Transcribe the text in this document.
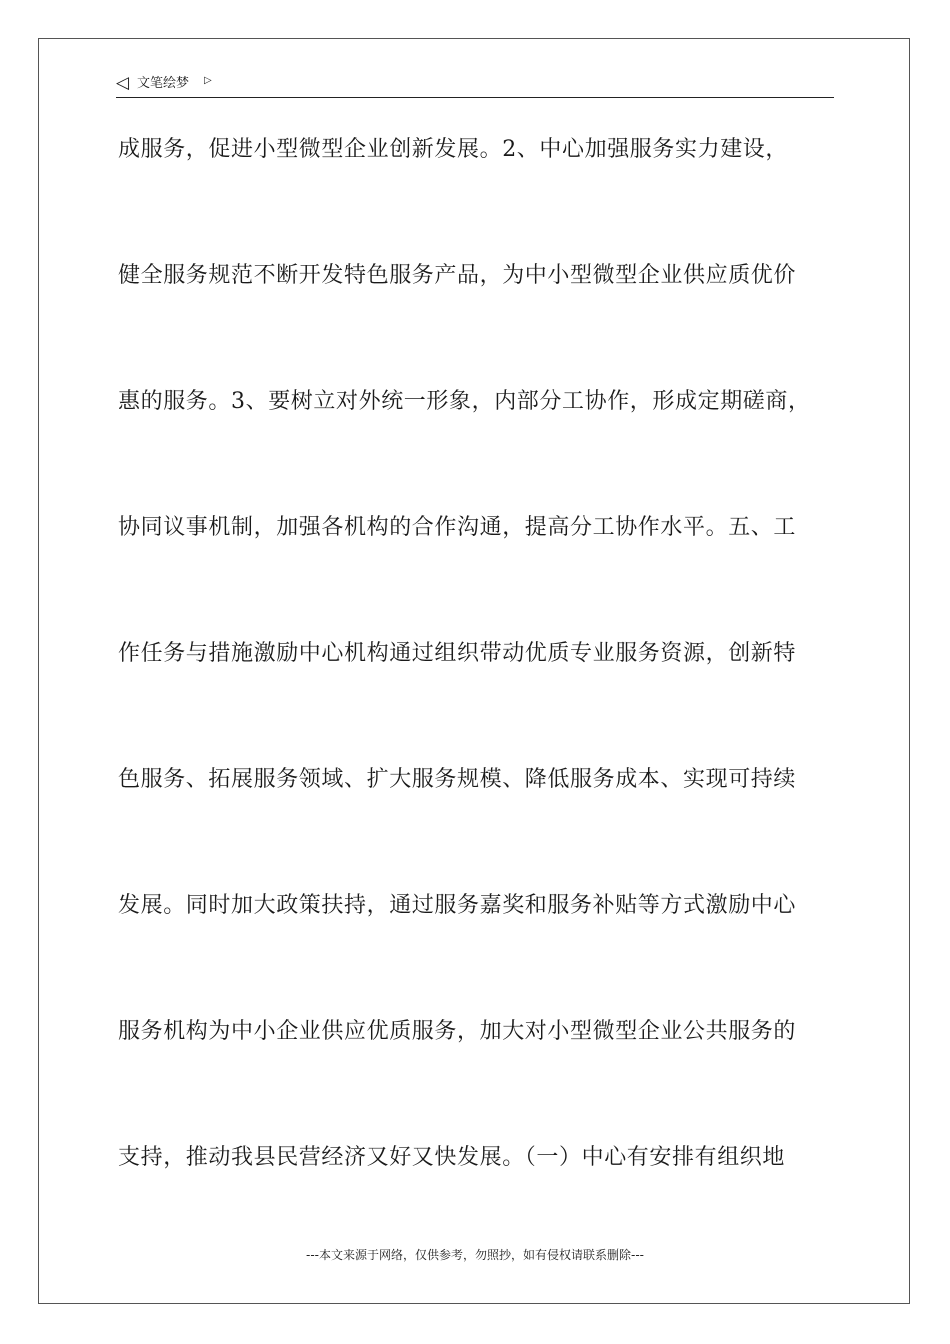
◁ 文笔绘梦 ▷
成服务，促进小型微型企业创新发展。2、中心加强服务实力建设，
健全服务规范不断开发特色服务产品，为中小型微型企业供应质优价
惠的服务。3、要树立对外统一形象，内部分工协作，形成定期磋商，
协同议事机制，加强各机构的合作沟通，提高分工协作水平。五、工
作任务与措施激励中心机构通过组织带动优质专业服务资源，创新特
色服务、拓展服务领域、扩大服务规模、降低服务成本、实现可持续
发展。同时加大政策扶持，通过服务嘉奖和服务补贴等方式激励中心
服务机构为中小企业供应优质服务，加大对小型微型企业公共服务的
支持，推动我县民营经济又好又快发展。（一）中心有安排有组织地
---本文来源于网络，仅供参考，勿照抄，如有侵权请联系删除---
